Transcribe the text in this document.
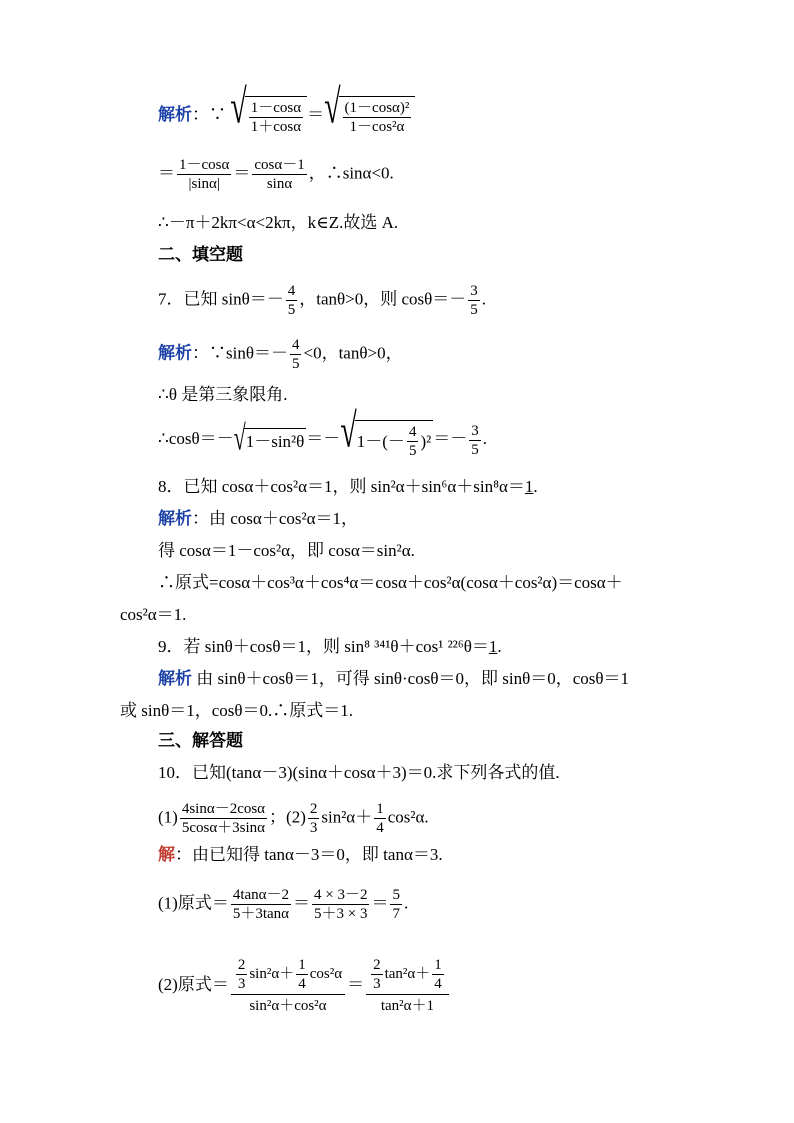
解析：∵ √ 1－cosα
1＋cosα
＝ √ (1－cosα)²
1－cos²α
＝ $\frac{1-\cos\alpha}{|\sin\alpha|} = \frac{\cos\alpha-1}{\sin\alpha}$ ，∴sinα<0.
∴－π＋2kπ<α<2kπ，k∈Z.故选 A.
二、填空题
7．已知 $\sin\theta=- \frac{4}{5}$ ，tanθ>0，则 $\cos\theta=- \frac{3}{5}$ .
解析：∵sinθ＝－ $\frac{4}{5} <0$，tanθ>0，
∴θ 是第三象限角.
∴cosθ＝－ √ 1－sin²θ ＝－ √ 1－ (－ 4
5
) $^2 =- \frac{3}{5}$ .
8．已知 cosα＋cos²α＝1，则 sin²α＋sin⁶α＋sin⁸α＝1.
解析：由 cosα＋cos²α＝1，
得 cosα＝1－cos²α，即 cosα＝sin²α.
∴原式=cosα＋cos³α＋cos⁴α＝cosα＋cos²α(cosα＋cos²α)＝cosα＋
cos²α＝1.
9．若 sinθ＋cosθ＝1，则 sin⁸ ³⁴¹θ＋cos¹ ²²⁶θ＝1.
解析 由 sinθ＋cosθ＝1，可得 sinθ·cosθ＝0，即 sinθ＝0，cosθ＝1
或 sinθ＝1，cosθ＝0.∴原式＝1.
三、解答题
10．已知(tanα－3)(sinα＋cosα＋3)＝0.求下列各式的值.
$(1) \frac{4\sin\alpha-2\cos\alpha}{5\cos\alpha+3\sin\alpha}$ ；$(2) \frac{2}{3} \sin^2\alpha+ \frac{1}{4} \cos^2\alpha$.
解：由已知得 tanα－3＝0，即 tanα＝3.
(1)原式＝ $\frac{4\tan\alpha-2}{5+3\tan\alpha} = \frac{4 \times 3-2}{5+3 \times 3} = \frac{5}{7}$ .
(2)原式＝ $\frac{\frac{2}{3} \sin^2\alpha+ \frac{1}{4} \cos^2\alpha}{\text{sin²α＋cos²α}} = \frac{\frac{2}{3} \tan^2\alpha+ \frac{1}{4}}{\text{tan²α＋1}}$
